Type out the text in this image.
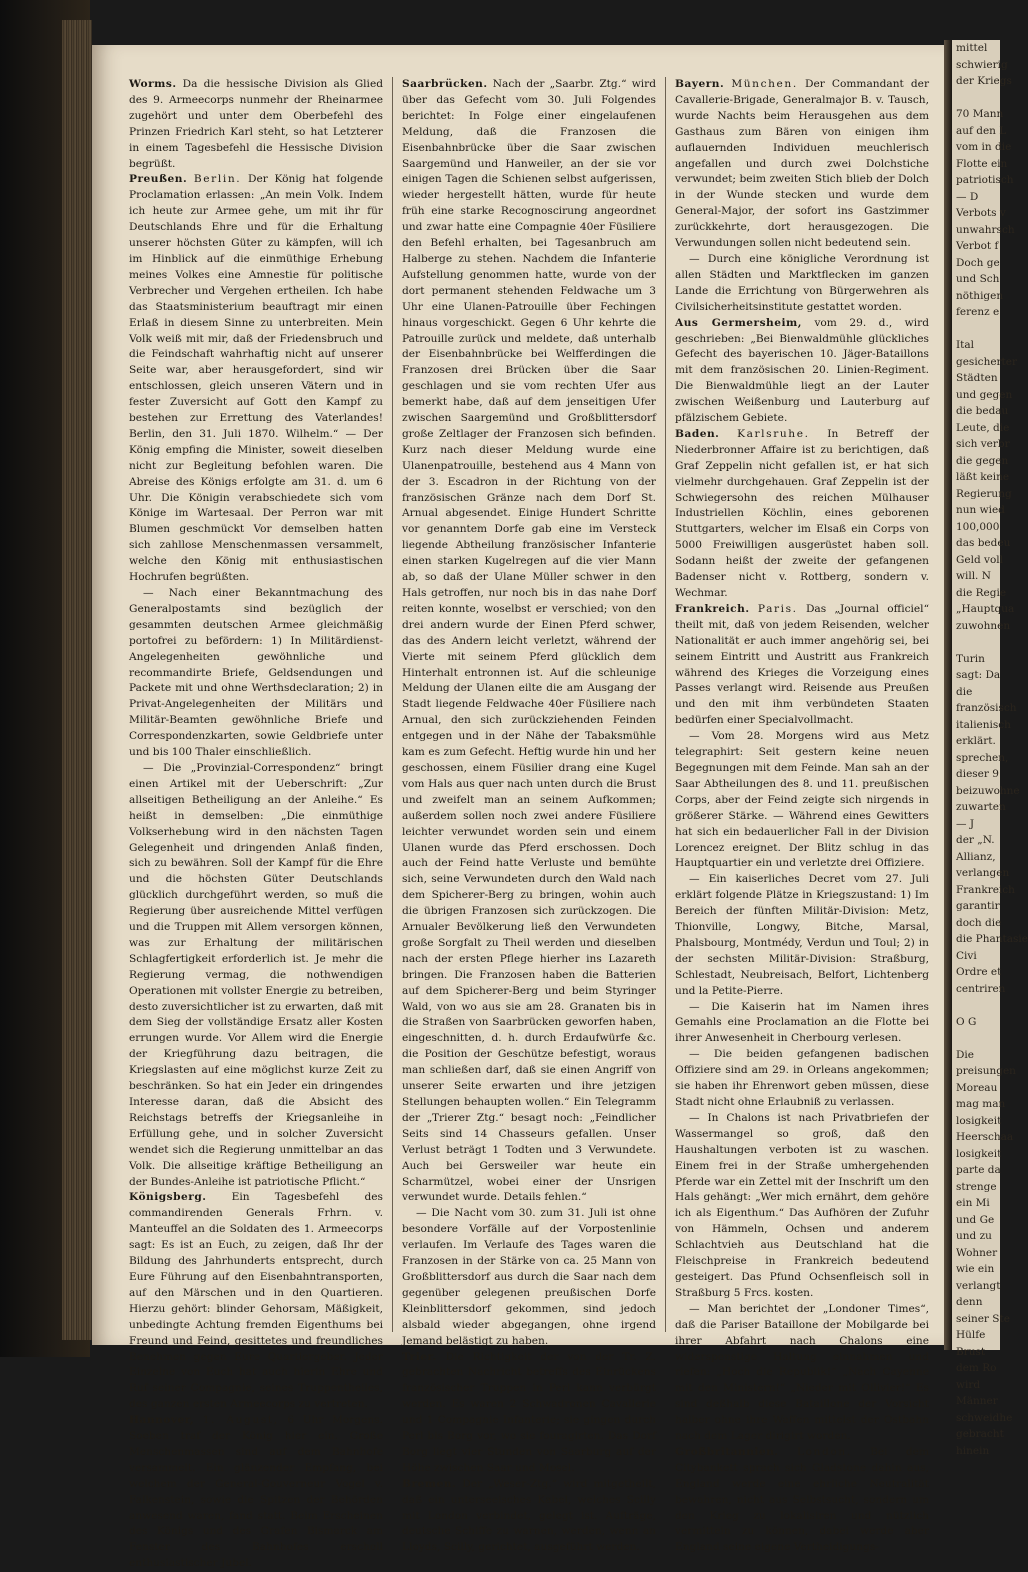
Worms. Da die hessische Division als Glied des 9. Armeecorps nunmehr der Rheinarmee zugehört und unter dem Oberbefehl des Prinzen Friedrich Karl steht, so hat Letzterer in einem Tagesbefehl die Hessische Division begrüßt.

Preußen. Berlin. Der König hat folgende Proclamation erlassen: „An mein Volk. Indem ich heute zur Armee gehe, um mit ihr für Deutschlands Ehre und für die Erhaltung unserer höchsten Güter zu kämpfen, will ich im Hinblick auf die einmüthige Erhebung meines Volkes eine Amnestie für politische Verbrecher und Vergehen ertheilen. Ich habe das Staatsministerium beauftragt mir einen Erlaß in diesem Sinne zu unterbreiten. Mein Volk weiß mit mir, daß der Friedensbruch und die Feindschaft wahrhaftig nicht auf unserer Seite war, aber herausgefordert, sind wir entschlossen, gleich unseren Vätern und in fester Zuversicht auf Gott den Kampf zu bestehen zur Errettung des Vaterlandes! Berlin, den 31. Juli 1870. Wilhelm.“ — Der König empfing die Minister, soweit dieselben nicht zur Begleitung befohlen waren. Die Abreise des Königs erfolgte am 31. d. um 6 Uhr. Die Königin verabschiedete sich vom Könige im Wartesaal. Der Perron war mit Blumen geschmückt Vor demselben hatten sich zahllose Menschenmassen versammelt, welche den König mit enthusiastischen Hochrufen begrüßten.

— Nach einer Bekanntmachung des Generalpostamts sind bezüglich der gesammten deutschen Armee gleichmäßig portofrei zu befördern: 1) In Militärdienst-Angelegenheiten gewöhnliche und recommandirte Briefe, Geldsendungen und Packete mit und ohne Werthsdeclaration; 2) in Privat-Angelegenheiten der Militärs und Militär-Beamten gewöhnliche Briefe und Correspondenzkarten, sowie Geldbriefe unter und bis 100 Thaler einschließlich.

— Die „Provinzial-Correspondenz“ bringt einen Artikel mit der Ueberschrift: „Zur allseitigen Betheiligung an der Anleihe.“ Es heißt in demselben: „Die einmüthige Volkserhebung wird in den nächsten Tagen Gelegenheit und dringenden Anlaß finden, sich zu bewähren. Soll der Kampf für die Ehre und die höchsten Güter Deutschlands glücklich durchgeführt werden, so muß die Regierung über ausreichende Mittel verfügen und die Truppen mit Allem versorgen können, was zur Erhaltung der militärischen Schlagfertigkeit erforderlich ist. Je mehr die Regierung vermag, die nothwendigen Operationen mit vollster Energie zu betreiben, desto zuversichtlicher ist zu erwarten, daß mit dem Sieg der vollständige Ersatz aller Kosten errungen wurde. Vor Allem wird die Energie der Kriegführung dazu beitragen, die Kriegslasten auf eine möglichst kurze Zeit zu beschränken. So hat ein Jeder ein dringendes Interesse daran, daß die Absicht des Reichstags betreffs der Kriegsanleihe in Erfüllung gehe, und in solcher Zuversicht wendet sich die Regierung unmittelbar an das Volk. Die allseitige kräftige Betheiligung an der Bundes-Anleihe ist patriotische Pflicht.“

Königsberg. Ein Tagesbefehl des commandirenden Generals Frhrn. v. Manteuffel an die Soldaten des 1. Armeecorps sagt: Es ist an Euch, zu zeigen, daß Ihr der Bildung des Jahrhunderts entsprecht, durch Eure Führung auf den Eisenbahntransporten, auf den Märschen und in den Quartieren. Hierzu gehört: blinder Gehorsam, Mäßigkeit, unbedingte Achtung fremden Eigenthums bei Freund und Feind, gesittetes und freundliches Benehmen gegen Eure Quartiergeber. Jeder Einzelne von Euch hat auch hierin Ehre und Ruf seiner Compagnie, seines Truppentheiles, des ganzen ersten Armeecorps zu vertreten.

Hannover, 1. August, 6 Uhr Morgens. Soeben traf der König hier ein. Große Menschenmassen sind auf dem Bahnhofe versammelt. Ein glänzender Empfang, bei welchem der General-Gouverneur Vogel v. Falkenstein, sowie die Spitzen der Behörden anwesend waren, fand statt. Beim Erscheinen des Königs und des Grafen Bismarck am Fenster des Bahnhofes erscholl enthusiastischer Jubel.

Saarbrücken. Nach der „Saarbr. Ztg.“ wird über das Gefecht vom 30. Juli Folgendes berichtet: In Folge einer eingelaufenen Meldung, daß die Franzosen die Eisenbahnbrücke über die Saar zwischen Saargemünd und Hanweiler, an der sie vor einigen Tagen die Schienen selbst aufgerissen, wieder hergestellt hätten, wurde für heute früh eine starke Recognoscirung angeordnet und zwar hatte eine Compagnie 40er Füsiliere den Befehl erhalten, bei Tagesanbruch am Halberge zu stehen. Nachdem die Infanterie Aufstellung genommen hatte, wurde von der dort permanent stehenden Feldwache um 3 Uhr eine Ulanen-Patrouille über Fechingen hinaus vorgeschickt. Gegen 6 Uhr kehrte die Patrouille zurück und meldete, daß unterhalb der Eisenbahnbrücke bei Welfferdingen die Franzosen drei Brücken über die Saar geschlagen und sie vom rechten Ufer aus bemerkt habe, daß auf dem jenseitigen Ufer zwischen Saargemünd und Großblittersdorf große Zeltlager der Franzosen sich befinden. Kurz nach dieser Meldung wurde eine Ulanenpatrouille, bestehend aus 4 Mann von der 3. Escadron in der Richtung von der französischen Gränze nach dem Dorf St. Arnual abgesendet. Einige Hundert Schritte vor genanntem Dorfe gab eine im Versteck liegende Abtheilung französischer Infanterie einen starken Kugelregen auf die vier Mann ab, so daß der Ulane Müller schwer in den Hals getroffen, nur noch bis in das nahe Dorf reiten konnte, woselbst er verschied; von den drei andern wurde der Einen Pferd schwer, das des Andern leicht verletzt, während der Vierte mit seinem Pferd glücklich dem Hinterhalt entronnen ist. Auf die schleunige Meldung der Ulanen eilte die am Ausgang der Stadt liegende Feldwache 40er Füsiliere nach Arnual, den sich zurückziehenden Feinden entgegen und in der Nähe der Tabaksmühle kam es zum Gefecht. Heftig wurde hin und her geschossen, einem Füsilier drang eine Kugel vom Hals aus quer nach unten durch die Brust und zweifelt man an seinem Aufkommen; außerdem sollen noch zwei andere Füsiliere leichter verwundet worden sein und einem Ulanen wurde das Pferd erschossen. Doch auch der Feind hatte Verluste und bemühte sich, seine Verwundeten durch den Wald nach dem Spicherer-Berg zu bringen, wohin auch die übrigen Franzosen sich zurückzogen. Die Arnualer Bevölkerung ließ den Verwundeten große Sorgfalt zu Theil werden und dieselben nach der ersten Pflege hierher ins Lazareth bringen. Die Franzosen haben die Batterien auf dem Spicherer-Berg und beim Styringer Wald, von wo aus sie am 28. Granaten bis in die Straßen von Saarbrücken geworfen haben, eingeschnitten, d. h. durch Erdaufwürfe &c. die Position der Geschütze befestigt, woraus man schließen darf, daß sie einen Angriff von unserer Seite erwarten und ihre jetzigen Stellungen behaupten wollen.“ Ein Telegramm der „Trierer Ztg.“ besagt noch: „Feindlicher Seits sind 14 Chasseurs gefallen. Unser Verlust beträgt 1 Todten und 3 Verwundete. Auch bei Gersweiler war heute ein Scharmützel, wobei einer der Unsrigen verwundet wurde. Details fehlen.“

— Die Nacht vom 30. zum 31. Juli ist ohne besondere Vorfälle auf der Vorpostenlinie verlaufen. Im Verlaufe des Tages waren die Franzosen in der Stärke von ca. 25 Mann von Großblittersdorf aus durch die Saar nach dem gegenüber gelegenen preußischen Dorfe Kleinblittersdorf gekommen, sind jedoch alsbald wieder abgegangen, ohne irgend Jemand belästigt zu haben.

Trier. Die Richtigkeit der von der Tr. Z. gebrachten Nachricht betreffs des Einrückens französischer Truppen in Perl kann verbürgt werden. Es waren 2 Schwadronen Cavallerie und 1 Compagnie Infanterie; sie gingen durch Perl bis Borg vor, wo sie fouragirten. Das Dorf Borg liegt vier Stunden von Saarburg auf der Höhe zwischen Saar und Mosel.

Bremen. Der „Weser-Ztg.“ wird mitgetheilt, daß ein unterseeisches Kabel, welches Scilly mit London verbindet, gelegt ist. Aufträge, deutsche Schiffe zu warnen, werden, wenn an Lloyds, Scilly, gerichtet, ausgeführt werden.

Bayern. München. Der Commandant der Cavallerie-Brigade, Generalmajor B. v. Tausch, wurde Nachts beim Herausgehen aus dem Gasthaus zum Bären von einigen ihm auflauernden Individuen meuchlerisch angefallen und durch zwei Dolchstiche verwundet; beim zweiten Stich blieb der Dolch in der Wunde stecken und wurde dem General-Major, der sofort ins Gastzimmer zurückkehrte, dort herausgezogen. Die Verwundungen sollen nicht bedeutend sein.

— Durch eine königliche Verordnung ist allen Städten und Marktflecken im ganzen Lande die Errichtung von Bürgerwehren als Civilsicherheitsinstitute gestattet worden.

Aus Germersheim, vom 29. d., wird geschrieben: „Bei Bienwaldmühle glückliches Gefecht des bayerischen 10. Jäger-Bataillons mit dem französischen 20. Linien-Regiment. Die Bienwaldmühle liegt an der Lauter zwischen Weißenburg und Lauterburg auf pfälzischem Gebiete.

Baden. Karlsruhe. In Betreff der Niederbronner Affaire ist zu berichtigen, daß Graf Zeppelin nicht gefallen ist, er hat sich vielmehr durchgehauen. Graf Zeppelin ist der Schwiegersohn des reichen Mülhauser Industriellen Köchlin, eines geborenen Stuttgarters, welcher im Elsaß ein Corps von 5000 Freiwilligen ausgerüstet haben soll. Sodann heißt der zweite der gefangenen Badenser nicht v. Rottberg, sondern v. Wechmar.

Frankreich. Paris. Das „Journal officiel“ theilt mit, daß von jedem Reisenden, welcher Nationalität er auch immer angehörig sei, bei seinem Eintritt und Austritt aus Frankreich während des Krieges die Vorzeigung eines Passes verlangt wird. Reisende aus Preußen und den mit ihm verbündeten Staaten bedürfen einer Specialvollmacht.

— Vom 28. Morgens wird aus Metz telegraphirt: Seit gestern keine neuen Begegnungen mit dem Feinde. Man sah an der Saar Abtheilungen des 8. und 11. preußischen Corps, aber der Feind zeigte sich nirgends in größerer Stärke. — Während eines Gewitters hat sich ein bedauerlicher Fall in der Division Lorencez ereignet. Der Blitz schlug in das Hauptquartier ein und verletzte drei Offiziere.

— Ein kaiserliches Decret vom 27. Juli erklärt folgende Plätze in Kriegszustand: 1) Im Bereich der fünften Militär-Division: Metz, Thionville, Longwy, Bitche, Marsal, Phalsbourg, Montmédy, Verdun und Toul; 2) in der sechsten Militär-Division: Straßburg, Schlestadt, Neubreisach, Belfort, Lichtenberg und la Petite-Pierre.

— Die Kaiserin hat im Namen ihres Gemahls eine Proclamation an die Flotte bei ihrer Anwesenheit in Cherbourg verlesen.

— Die beiden gefangenen badischen Offiziere sind am 29. in Orleans angekommen; sie haben ihr Ehrenwort geben müssen, diese Stadt nicht ohne Erlaubniß zu verlassen.

— In Chalons ist nach Privatbriefen der Wassermangel so groß, daß den Haushaltungen verboten ist zu waschen. Einem frei in der Straße umhergehenden Pferde war ein Zettel mit der Inschrift um den Hals gehängt: „Wer mich ernährt, dem gehöre ich als Eigenthum.“ Das Aufhören der Zufuhr von Hämmeln, Ochsen und anderem Schlachtvieh aus Deutschland hat die Fleischpreise in Frankreich bedeutend gesteigert. Das Pfund Ochsenfleisch soll in Straßburg 5 Frcs. kosten.

— Man berichtet der „Londoner Times“, daß die Pariser Bataillone der Mobilgarde bei ihrer Abfahrt nach Chalons eine widerspenstige Haltung einnahmen und riefen: „Hoch die Republik!“ „Nach Cayenne mit den Ministern!“ „Nieder mit Ollivier!“ Es sind deßhalb diese Bataillone der Vorsicht halber ohne ihre Waffen mittelst der Ostbahn nach dem Lager dirigirt worden.

Großbritannien. London. Bei dem Citybankett sprach sich Gladstone dahin aus, England werde eine ehrliche Neutralität bewahren, nicht aus Selbstsucht, sondern um den Krieg zu lokalisiren und nützlich vermitteln zu können, dabei werde aber England seine eigene Vertheidigungs-

mittel
schwierig
der Kriegs

70 Mann
auf den L
vom in die
Flotte ein
patriotisch
— D
Verbots v
unwahrsch
Verbot f
Doch ge
und Sch
nöthigen
ferenz e

Ital
gesicherter
Städten
und gegen
die bedau
Leute, die
sich verbr
die gegen
läßt keine
Regierung
nun wied
100,000
das bedeu
Geld voll
will. N
die Regie
„Hauptqua
zuwohnen

Turin
sagt: Da
die
französisch
italienisch
erklärt.
sprechen,
dieser 9
beizuwohne
zuwarten
— J
der „N.
Allianz,
verlangen
Frankreich
garantir
doch die
die Phantasie
Civi
Ordre et
centriren

O G

Die
preisungen
Moreau
mag man
losigkeit
Heerschaa
losigkeit
parte da
strenge
ein Mi
und Ge
und zu
Wohner
wie ein
verlangt
denn
seiner Ste
Hülfe
Brust
dem Ro
wird
Männer
schweidhe
gebracht
hinein
